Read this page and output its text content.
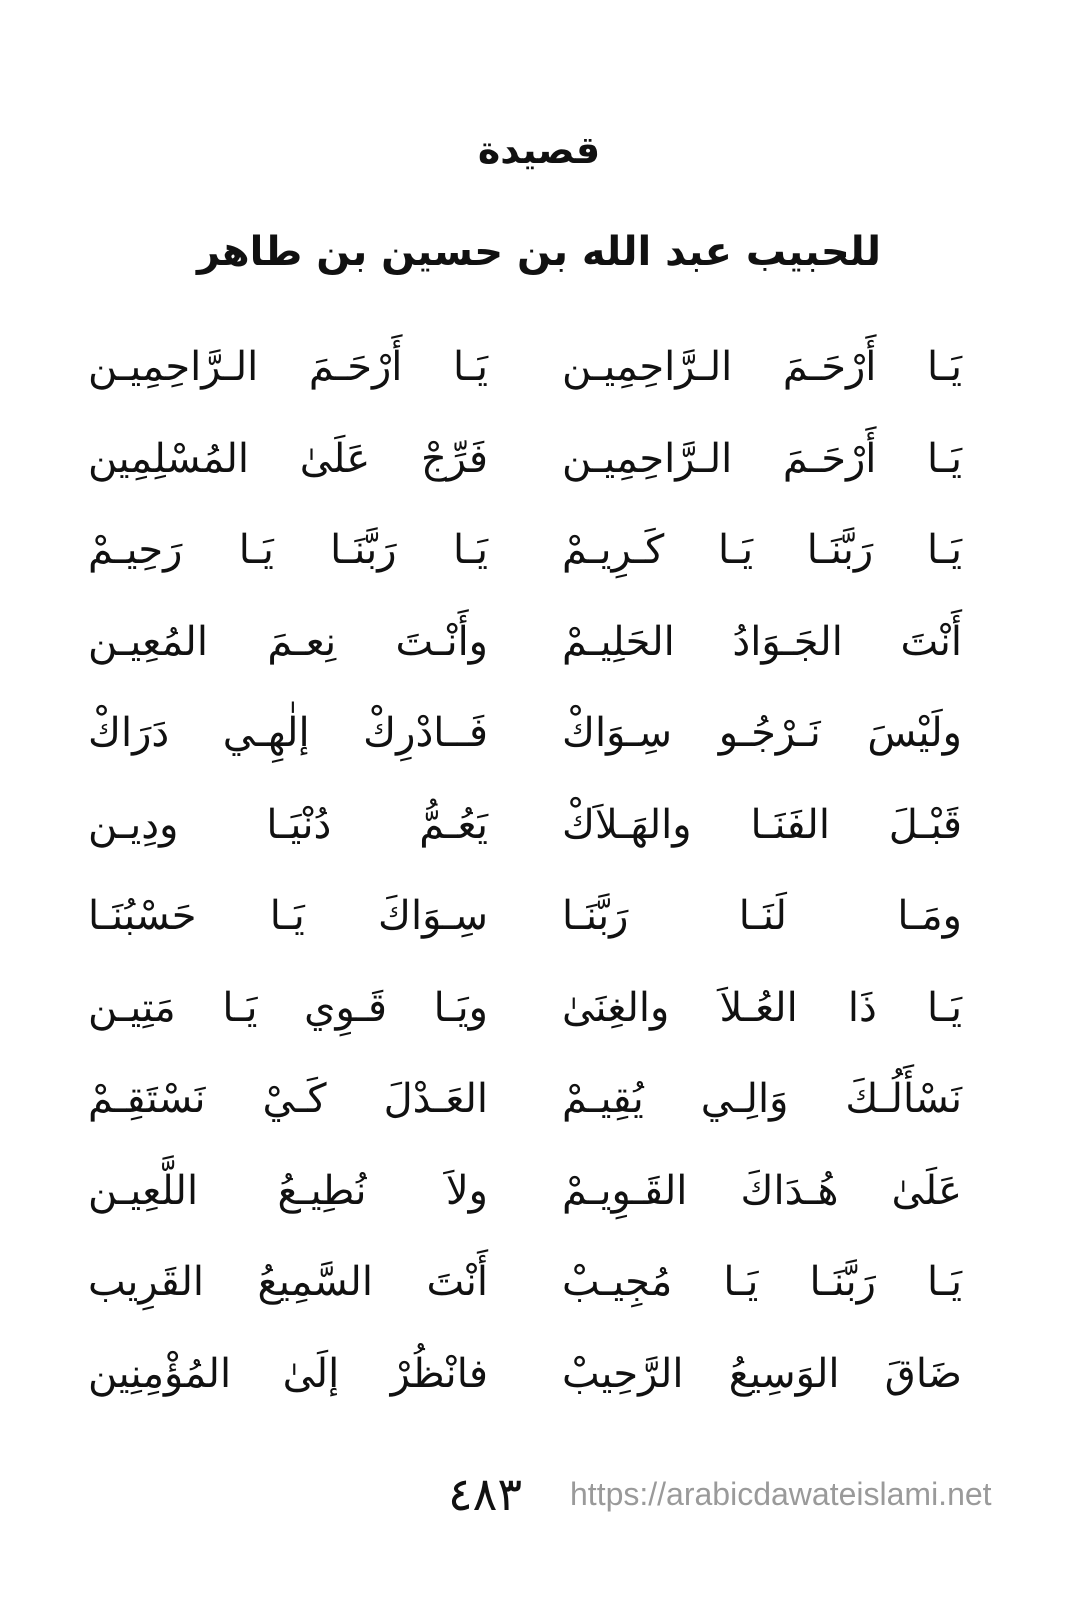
قصيدة
للحبيب عبد الله بن حسين بن طاهر
يَـا أَرْحَـمَ الـرَّاحِمِيـن
يَـا أَرْحَـمَ الـرَّاحِمِيـن
يَـا أَرْحَـمَ الـرَّاحِمِيـن
فَرِّجْ عَلَىٰ المُسْلِمِين
يَـا رَبَّنَـا يَـا كَـرِيـمْ
يَـا رَبَّنَـا يَـا رَحِيـمْ
أَنْتَ الجَـوَادُ الحَلِيـمْ
وأَنْـتَ نِعـمَ المُعِيـن
ولَيْسَ نَـرْجُـو سِـوَاكْ
فَــادْرِكْ إلٰهِـي دَرَاكْ
قَبْـلَ الفَنَـا والهَـلاَكْ
يَعُـمُّ دُنْيَـا ودِيـن
ومَـا لَنَـا رَبَّنَـا
سِـوَاكَ يَـا حَسْبُنَـا
يَـا ذَا العُـلاَ والغِنَىٰ
ويَـا قَـوِي يَـا مَتِيـن
نَسْأَلُـكَ وَالِـي يُقِيـمْ
العَـدْلَ كَـيْ نَسْتَقِـمْ
عَلَىٰ هُـدَاكَ القَـوِيـمْ
ولاَ نُطِيـعُ اللَّعِيـن
يَـا رَبَّنَـا يَـا مُجِيـبْ
أَنْتَ السَّمِيعُ القَرِيب
ضَاقَ الوَسِيعُ الرَّحِيبْ
فانْظُرْ إلَىٰ المُؤْمِنِين
٤٨٣	https://arabicdawateislami.net
